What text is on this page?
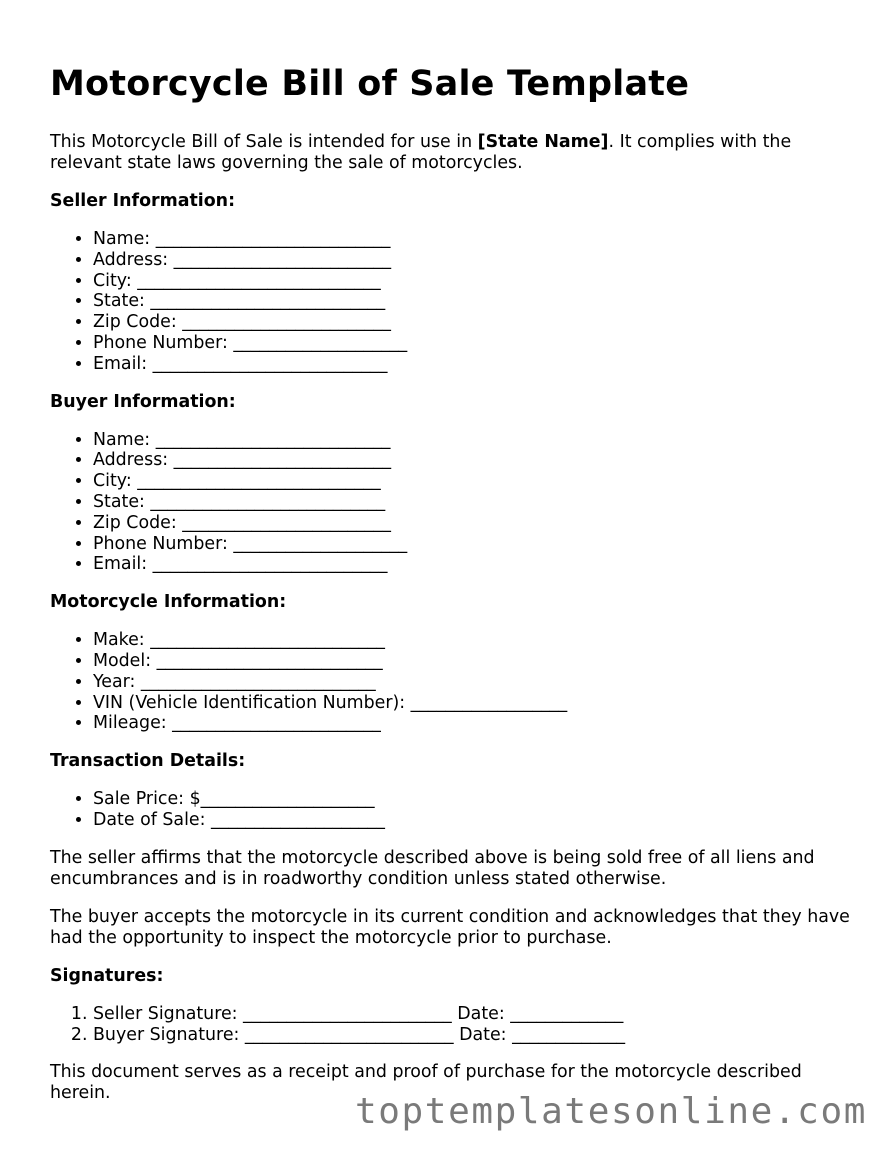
Motorcycle Bill of Sale Template

This Motorcycle Bill of Sale is intended for use in [State Name]. It complies with the relevant state laws governing the sale of motorcycles.

Seller Information:
• Name: ___________________________
• Address: _________________________
• City: ____________________________
• State: ___________________________
• Zip Code: ________________________
• Phone Number: ____________________
• Email: ___________________________
Buyer Information:
• Name: ___________________________
• Address: _________________________
• City: ____________________________
• State: ___________________________
• Zip Code: ________________________
• Phone Number: ____________________
• Email: ___________________________
Motorcycle Information:
• Make: ___________________________
• Model: __________________________
• Year: ___________________________
• VIN (Vehicle Identification Number): __________________
• Mileage: ________________________
Transaction Details:
• Sale Price: $____________________
• Date of Sale: ____________________

The seller affirms that the motorcycle described above is being sold free of all liens and encumbrances and is in roadworthy condition unless stated otherwise.

The buyer accepts the motorcycle in its current condition and acknowledges that they have had the opportunity to inspect the motorcycle prior to purchase.

Signatures:
1. Seller Signature: ________________________ Date: _____________
2. Buyer Signature: ________________________ Date: _____________

This document serves as a receipt and proof of purchase for the motorcycle described herein.	toptemplatesonline.com
